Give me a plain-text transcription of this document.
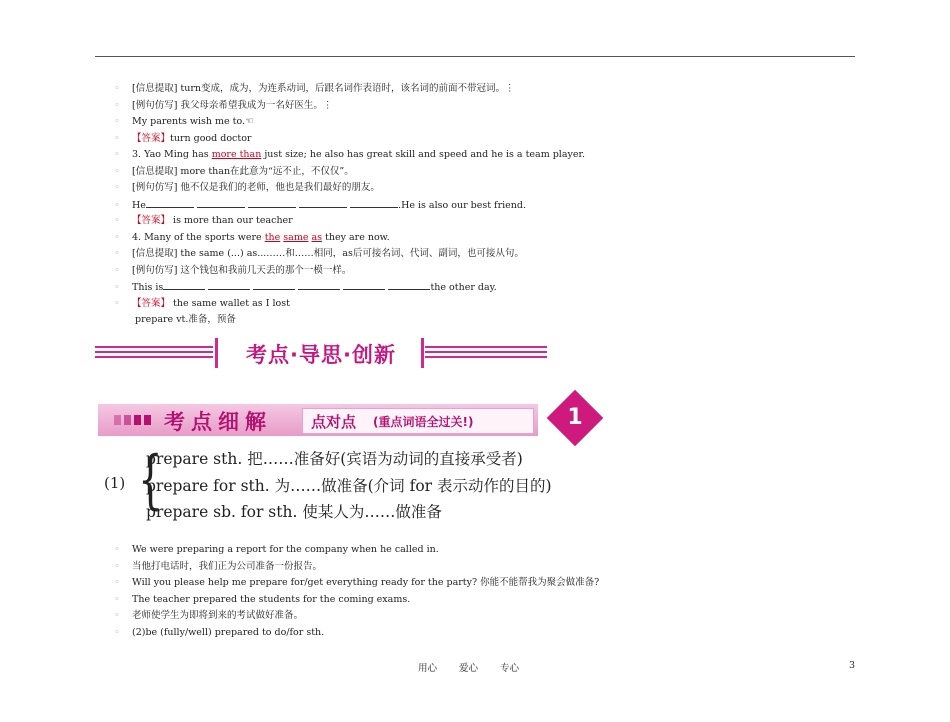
◦ [信息提取] turn变成，成为，为连系动词，后跟名词作表语时，该名词的前面不带冠词。⋮
◦ [例句仿写] 我父母亲希望我成为一名好医生。⋮
◦ My parents wish me to.☜
◦ 【答案】turn good doctor
◦ 3. Yao Ming has more than just size; he also has great skill and speed and he is a team player.
◦ [信息提取] more than在此意为“远不止，不仅仅”。
◦ [例句仿写] 他不仅是我们的老师，他也是我们最好的朋友。
◦ He	.He is also our best friend.
◦ 【答案】 is more than our teacher
◦ 4. Many of the sports were the same as they are now.
◦ [信息提取] the same (...) as...……和……相同，as后可接名词、代词、副词，也可接从句。
◦ [例句仿写] 这个钱包和我前几天丢的那个一模一样。
◦ This is	the other day.
◦ 【答案】 the same wallet as I lost
prepare vt.准备，预备
考点·导思·创新
考点细解	点对点 (重点词语全过关!)	1
(1) {
prepare sth. 把……准备好(宾语为动词的直接承受者)
prepare for sth. 为……做准备(介词 for 表示动作的目的)
prepare sb. for sth. 使某人为……做准备
◦ We were preparing a report for the company when he called in.
◦ 当他打电话时，我们正为公司准备一份报告。
◦ Will you please help me prepare for/get everything ready for the party? 你能不能帮我为聚会做准备?
◦ The teacher prepared the students for the coming exams.
◦ 老师使学生为即将到来的考试做好准备。
◦ (2)be (fully/well) prepared to do/for sth.
用心 爱心 专心	3
